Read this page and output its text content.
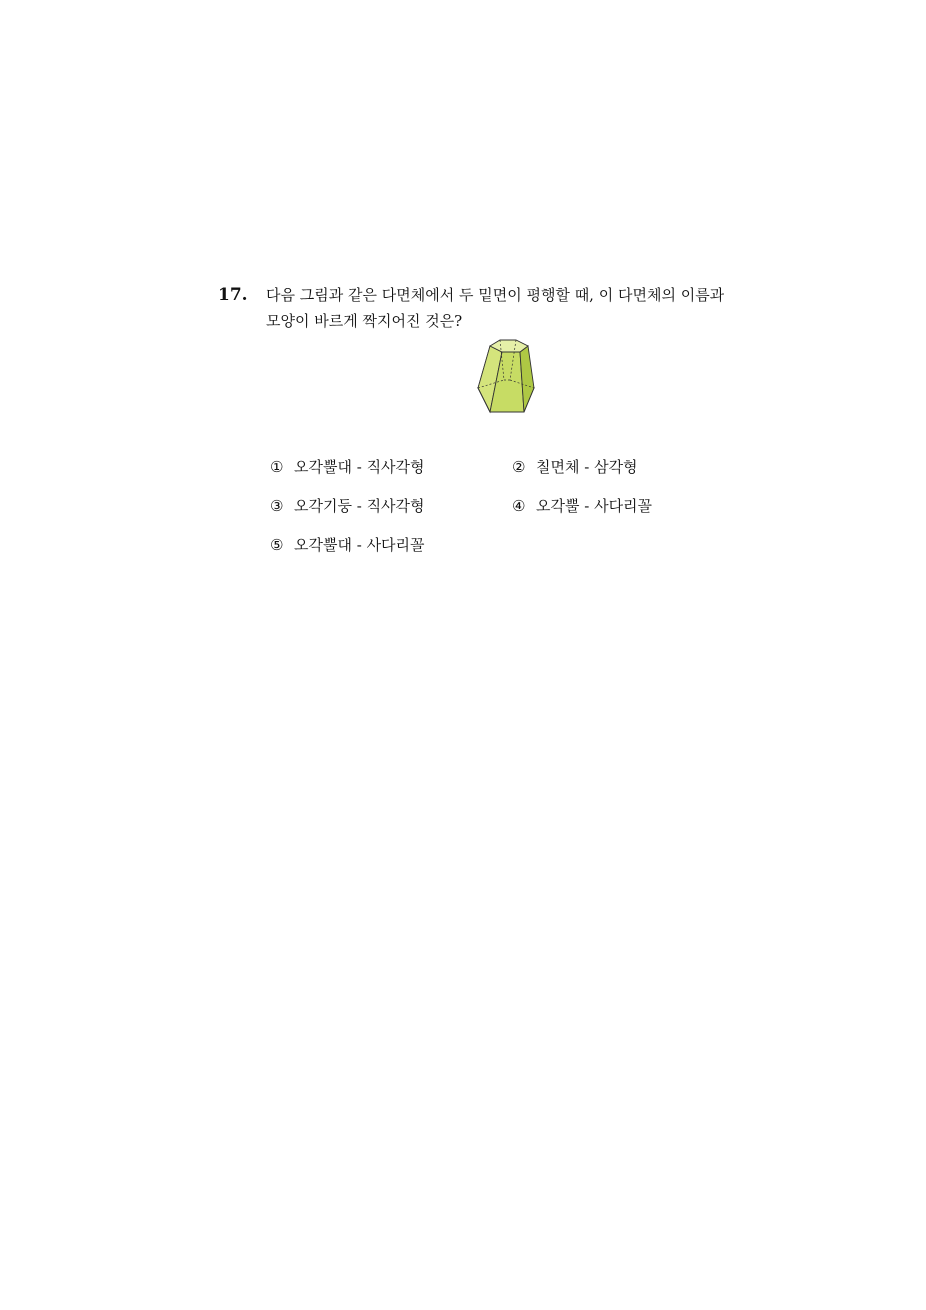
17. 다음 그림과 같은 다면체에서 두 밑면이 평행할 때, 이 다면체의 이름과
모양이 바르게 짝지어진 것은?
① 오각뿔대 - 직사각형	② 칠면체 - 삼각형
③ 오각기둥 - 직사각형	④ 오각뿔 - 사다리꼴
⑤ 오각뿔대 - 사다리꼴
